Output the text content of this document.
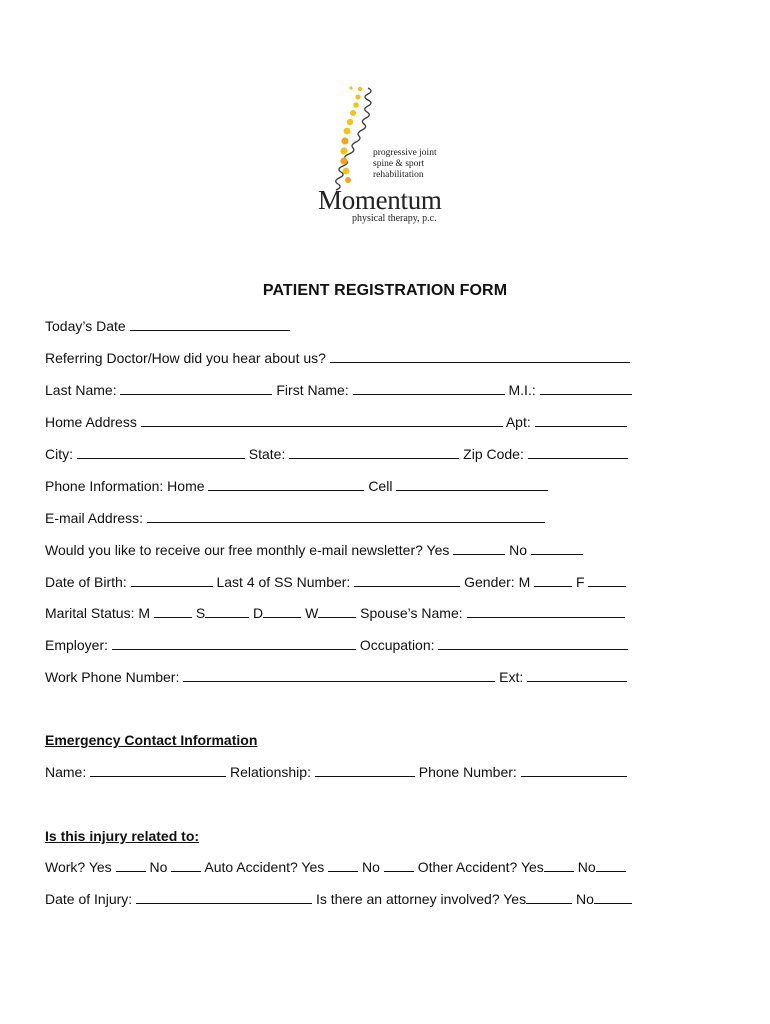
progressive joint
spine & sport
rehabilitation
Momentum
physical therapy, p.c.
PATIENT REGISTRATION FORM
Today’s Date
Referring Doctor/How did you hear about us?
Last Name:	First Name:	M.I.:
Home Address	Apt:
City:	State:	Zip Code:
Phone Information: Home	Cell
E-mail Address:
Would you like to receive our free monthly e-mail newsletter? Yes	No
Date of Birth:	Last 4 of SS Number:	Gender: M	F
Marital Status: M	S	D	W	Spouse’s Name:
Employer:	Occupation:
Work Phone Number:	Ext:
Emergency Contact Information
Name:	Relationship:	Phone Number:
Is this injury related to:
Work? Yes	No	Auto Accident? Yes	No	Other Accident? Yes No
Date of Injury:	Is there an attorney involved? Yes	No
